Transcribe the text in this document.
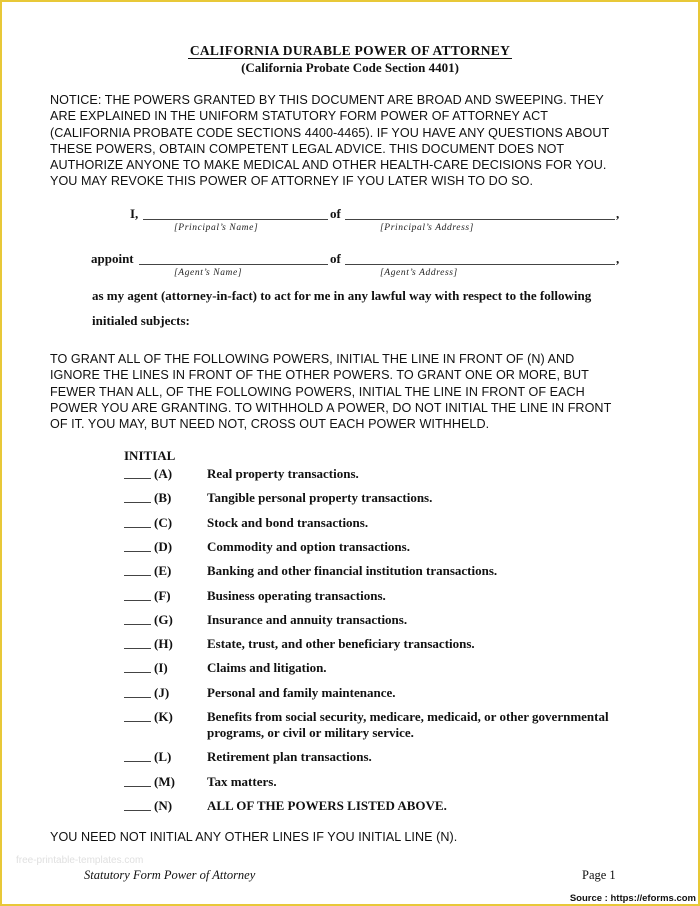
CALIFORNIA DURABLE POWER OF ATTORNEY
(California Probate Code Section 4401)
NOTICE: THE POWERS GRANTED BY THIS DOCUMENT ARE BROAD AND SWEEPING. THEY
ARE EXPLAINED IN THE UNIFORM STATUTORY FORM POWER OF ATTORNEY ACT
(CALIFORNIA PROBATE CODE SECTIONS 4400-4465). IF YOU HAVE ANY QUESTIONS ABOUT
THESE POWERS, OBTAIN COMPETENT LEGAL ADVICE. THIS DOCUMENT DOES NOT
AUTHORIZE ANYONE TO MAKE MEDICAL AND OTHER HEALTH-CARE DECISIONS FOR YOU.
YOU MAY REVOKE THIS POWER OF ATTORNEY IF YOU LATER WISH TO DO SO.
I,	of	,
[Principal’s Name]	[Principal’s Address]
appoint	of	,
[Agent’s Name]	[Agent’s Address]
as my agent (attorney-in-fact) to act for me in any lawful way with respect to the following
initialed subjects:
TO GRANT ALL OF THE FOLLOWING POWERS, INITIAL THE LINE IN FRONT OF (N) AND
IGNORE THE LINES IN FRONT OF THE OTHER POWERS. TO GRANT ONE OR MORE, BUT
FEWER THAN ALL, OF THE FOLLOWING POWERS, INITIAL THE LINE IN FRONT OF EACH
POWER YOU ARE GRANTING. TO WITHHOLD A POWER, DO NOT INITIAL THE LINE IN FRONT
OF IT. YOU MAY, BUT NEED NOT, CROSS OUT EACH POWER WITHHELD.
INITIAL
(A)	Real property transactions.
(B)	Tangible personal property transactions.
(C)	Stock and bond transactions.
(D)	Commodity and option transactions.
(E)	Banking and other financial institution transactions.
(F)	Business operating transactions.
(G)	Insurance and annuity transactions.
(H)	Estate, trust, and other beneficiary transactions.
(I)	Claims and litigation.
(J)	Personal and family maintenance.
(K)	Benefits from social security, medicare, medicaid, or other governmental programs, or civil or military service.
(L)	Retirement plan transactions.
(M) Tax matters.
(N)	ALL OF THE POWERS LISTED ABOVE.
YOU NEED NOT INITIAL ANY OTHER LINES IF YOU INITIAL LINE (N).
free-printable-templates.com
Statutory Form Power of Attorney	Page 1
Source : https://eforms.com
